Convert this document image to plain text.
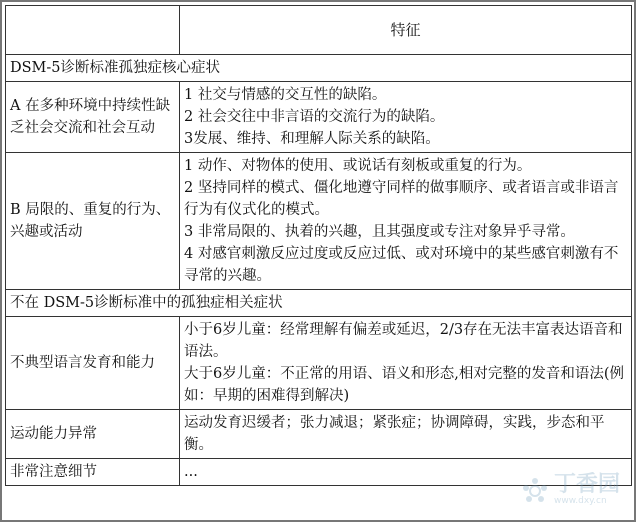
	特征
DSM-5诊断标准孤独症核心症状	
A 在多种环境中持续性缺乏社会交流和社会互动	1 社交与情感的交互性的缺陷。
2 社会交往中非言语的交流行为的缺陷。
3发展、维持、和理解人际关系的缺陷。

B 局限的、重复的行为、兴趣或活动	1 动作、对物体的使用、或说话有刻板或重复的行为。
2 坚持同样的模式、僵化地遵守同样的做事顺序、或者语言或非语言行为有仪式化的模式。
3 非常局限的、执着的兴趣，且其强度或专注对象异乎寻常。
4 对感官刺激反应过度或反应过低、或对环境中的某些感官刺激有不寻常的兴趣。

不在 DSM-5诊断标准中的孤独症相关症状	
不典型语言发育和能力	小于6岁儿童：经常理解有偏差或延迟，2/3存在无法丰富表达语音和语法。
大于6岁儿童：不正常的用语、语义和形态,相对完整的发音和语法(例如：早期的困难得到解决)

运动能力异常	运动发育迟缓者；张力减退；紧张症；协调障碍，实践，步态和平衡。

非常注意细节	...	丁香园
www.dxy.cn
